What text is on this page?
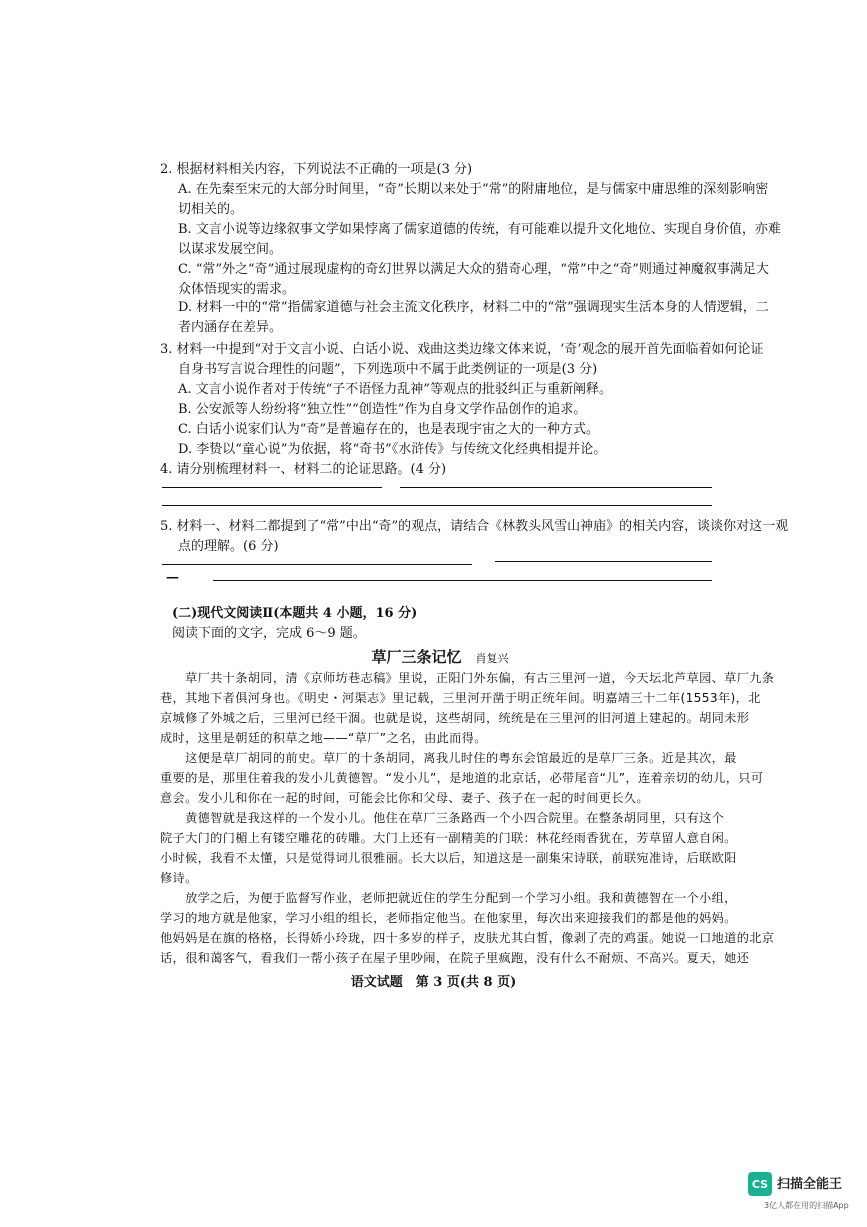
2. 根据材料相关内容，下列说法不正确的一项是(3 分)
A. 在先秦至宋元的大部分时间里，“奇”长期以来处于“常”的附庸地位，是与儒家中庸思维的深刻影响密
切相关的。
B. 文言小说等边缘叙事文学如果悖离了儒家道德的传统，有可能难以提升文化地位、实现自身价值，亦难
以谋求发展空间。
C. “常”外之“奇”通过展现虚构的奇幻世界以满足大众的猎奇心理，“常”中之“奇”则通过神魔叙事满足大
众体悟现实的需求。
D. 材料一中的“常”指儒家道德与社会主流文化秩序，材料二中的“常”强调现实生活本身的人情逻辑，二
者内涵存在差异。
3. 材料一中提到“对于文言小说、白话小说、戏曲这类边缘文体来说，‘奇’观念的展开首先面临着如何论证
自身书写言说合理性的问题”，下列选项中不属于此类例证的一项是(3 分)
A. 文言小说作者对于传统“子不语怪力乱神”等观点的批驳纠正与重新阐释。
B. 公安派等人纷纷将“独立性”“创造性”作为自身文学作品创作的追求。
C. 白话小说家们认为“奇”是普遍存在的，也是表现宇宙之大的一种方式。
D. 李贽以“童心说”为依据，将“奇书”《水浒传》与传统文化经典相提并论。
4. 请分别梳理材料一、材料二的论证思路。(4 分)
5. 材料一、材料二都提到了“常”中出“奇”的观点，请结合《林教头风雪山神庙》的相关内容，谈谈你对这一观
点的理解。(6 分)
—
(二)现代文阅读Ⅱ(本题共 4 小题，16 分)
阅读下面的文字，完成 6～9 题。
草厂三条记忆 肖复兴
　　草厂共十条胡同，清《京师坊巷志稿》里说，正阳门外东偏，有古三里河一道，今天坛北芦草园、草厂九条
巷，其地下者俱河身也。《明史・河渠志》里记载，三里河开凿于明正统年间。明嘉靖三十二年(1553年)，北
京城修了外城之后，三里河已经干涸。也就是说，这些胡同，统统是在三里河的旧河道上建起的。胡同未形
成时，这里是朝廷的积草之地——“草厂”之名，由此而得。
　　这便是草厂胡同的前史。草厂的十条胡同，离我儿时住的粤东会馆最近的是草厂三条。近是其次，最
重要的是，那里住着我的发小儿黄德智。“发小儿”，是地道的北京话，必带尾音“儿”，连着亲切的幼儿，只可
意会。发小儿和你在一起的时间，可能会比你和父母、妻子、孩子在一起的时间更长久。
　　黄德智就是我这样的一个发小儿。他住在草厂三条路西一个小四合院里。在整条胡同里，只有这个
院子大门的门楣上有镂空雕花的砖雕。大门上还有一副精美的门联：林花经雨香犹在，芳草留人意自闲。
小时候，我看不太懂，只是觉得词儿很雅丽。长大以后，知道这是一副集宋诗联，前联宛准诗，后联欧阳
修诗。
　　放学之后，为便于监督写作业，老师把就近住的学生分配到一个学习小组。我和黄德智在一个小组，
学习的地方就是他家，学习小组的组长，老师指定他当。在他家里，每次出来迎接我们的都是他的妈妈。
他妈妈是在旗的格格，长得娇小玲珑，四十多岁的样子，皮肤尤其白皙，像剥了壳的鸡蛋。她说一口地道的北京
话，很和蔼客气，看我们一帮小孩子在屋子里吵闹，在院子里疯跑，没有什么不耐烦、不高兴。夏天，她还
语文试题　第 3 页(共 8 页)
CS 扫描全能王
3亿人都在用的扫描App
